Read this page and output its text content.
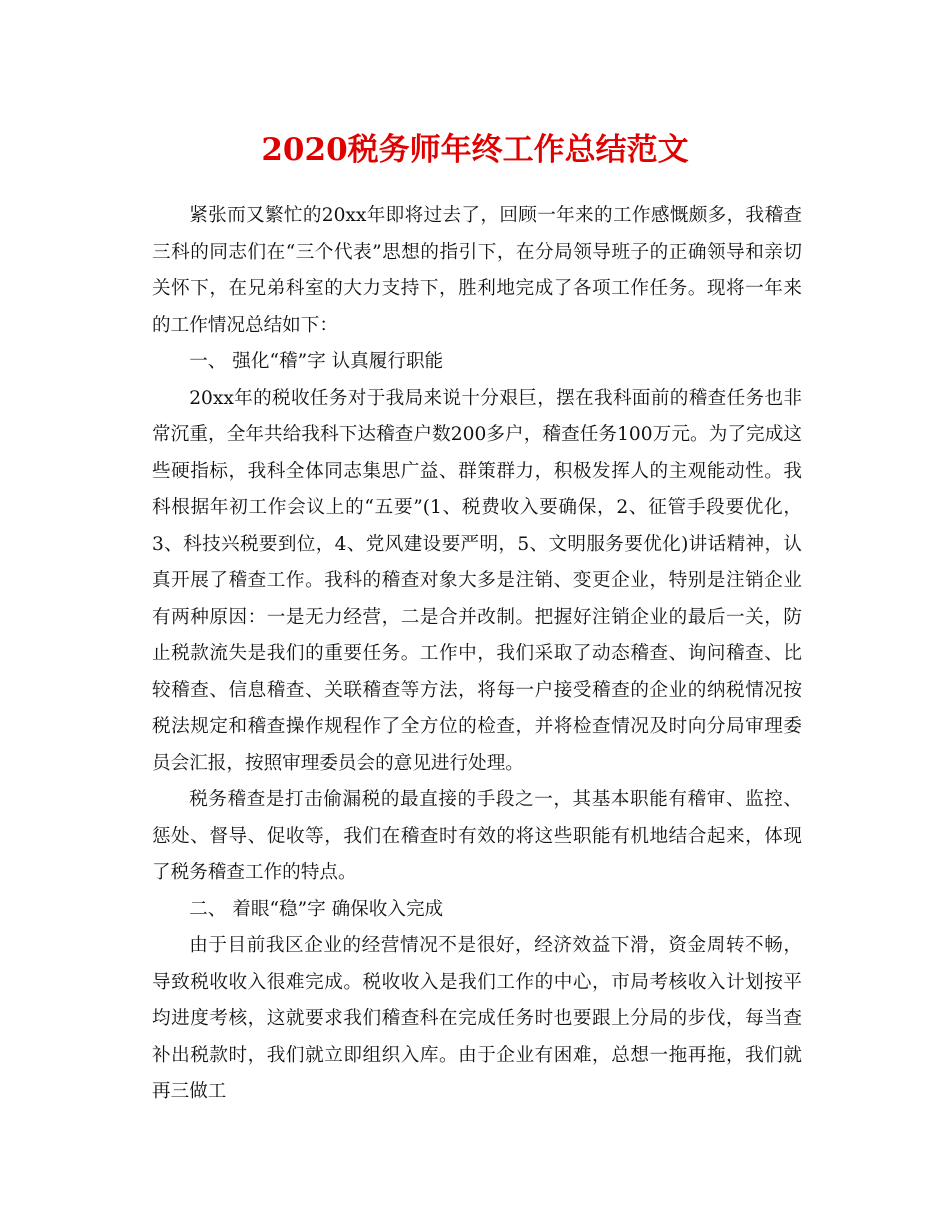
2020税务师年终工作总结范文

紧张而又繁忙的20xx年即将过去了，回顾一年来的工作感慨颇多，我稽查三科的同志们在“三个代表”思想的指引下，在分局领导班子的正确领导和亲切关怀下，在兄弟科室的大力支持下，胜利地完成了各项工作任务。现将一年来的工作情况总结如下：

一、 强化“稽”字 认真履行职能

20xx年的税收任务对于我局来说十分艰巨，摆在我科面前的稽查任务也非常沉重，全年共给我科下达稽查户数200多户，稽查任务100万元。为了完成这些硬指标，我科全体同志集思广益、群策群力，积极发挥人的主观能动性。我科根据年初工作会议上的“五要”(1、税费收入要确保，2、征管手段要优化，3、科技兴税要到位，4、党风建设要严明，5、文明服务要优化)讲话精神，认真开展了稽查工作。我科的稽查对象大多是注销、变更企业，特别是注销企业有两种原因：一是无力经营，二是合并改制。把握好注销企业的最后一关，防止税款流失是我们的重要任务。工作中，我们采取了动态稽查、询问稽查、比较稽查、信息稽查、关联稽查等方法，将每一户接受稽查的企业的纳税情况按税法规定和稽查操作规程作了全方位的检查，并将检查情况及时向分局审理委员会汇报，按照审理委员会的意见进行处理。

税务稽查是打击偷漏税的最直接的手段之一，其基本职能有稽审、监控、惩处、督导、促收等，我们在稽查时有效的将这些职能有机地结合起来，体现了税务稽查工作的特点。

二、 着眼“稳”字 确保收入完成

由于目前我区企业的经营情况不是很好，经济效益下滑，资金周转不畅，导致税收收入很难完成。税收收入是我们工作的中心，市局考核收入计划按平均进度考核，这就要求我们稽查科在完成任务时也要跟上分局的步伐，每当查补出税款时，我们就立即组织入库。由于企业有困难，总想一拖再拖，我们就再三做工
